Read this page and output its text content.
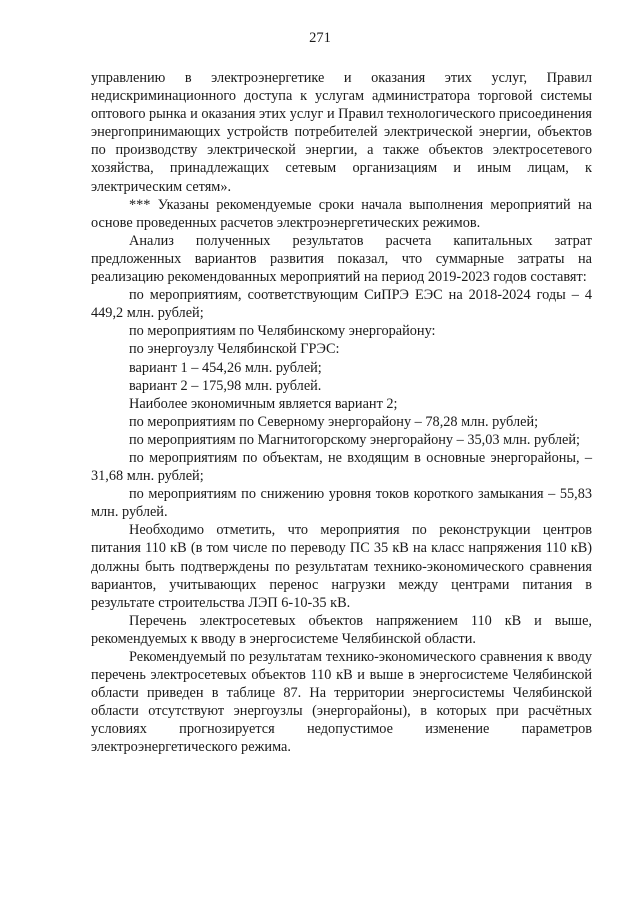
271

управлению в электроэнергетике и оказания этих услуг, Правил недискриминационного доступа к услугам администратора торговой системы оптового рынка и оказания этих услуг и Правил технологического присоединения энергопринимающих устройств потребителей электрической энергии, объектов по производству электрической энергии, а также объектов электросетевого хозяйства, принадлежащих сетевым организациям и иным лицам, к электрическим сетям».

*** Указаны рекомендуемые сроки начала выполнения мероприятий на основе проведенных расчетов электроэнергетических режимов.

Анализ полученных результатов расчета капитальных затрат предложенных вариантов развития показал, что суммарные затраты на реализацию рекомендованных мероприятий на период 2019-2023 годов составят:

по мероприятиям, соответствующим СиПРЭ ЕЭС на 2018-2024 годы – 4 449,2 млн. рублей;

по мероприятиям по Челябинскому энергорайону:

по энергоузлу Челябинской ГРЭС:

вариант 1 – 454,26 млн. рублей;

вариант 2 – 175,98 млн. рублей.

Наиболее экономичным является вариант 2;

по мероприятиям по Северному энергорайону – 78,28 млн. рублей;

по мероприятиям по Магнитогорскому энергорайону – 35,03 млн. рублей;

по мероприятиям по объектам, не входящим в основные энергорайоны, – 31,68 млн. рублей;

по мероприятиям по снижению уровня токов короткого замыкания – 55,83 млн. рублей.

Необходимо отметить, что мероприятия по реконструкции центров питания 110 кВ (в том числе по переводу ПС 35 кВ на класс напряжения 110 кВ) должны быть подтверждены по результатам технико-экономического сравнения вариантов, учитывающих перенос нагрузки между центрами питания в результате строительства ЛЭП 6-10-35 кВ.

Перечень электросетевых объектов напряжением 110 кВ и выше, рекомендуемых к вводу в энергосистеме Челябинской области.

Рекомендуемый по результатам технико-экономического сравнения к вводу перечень электросетевых объектов 110 кВ и выше в энергосистеме Челябинской области приведен в таблице 87. На территории энергосистемы Челябинской области отсутствуют энергоузлы (энергорайоны), в которых при расчётных условиях прогнозируется недопустимое изменение параметров электроэнергетического режима.
